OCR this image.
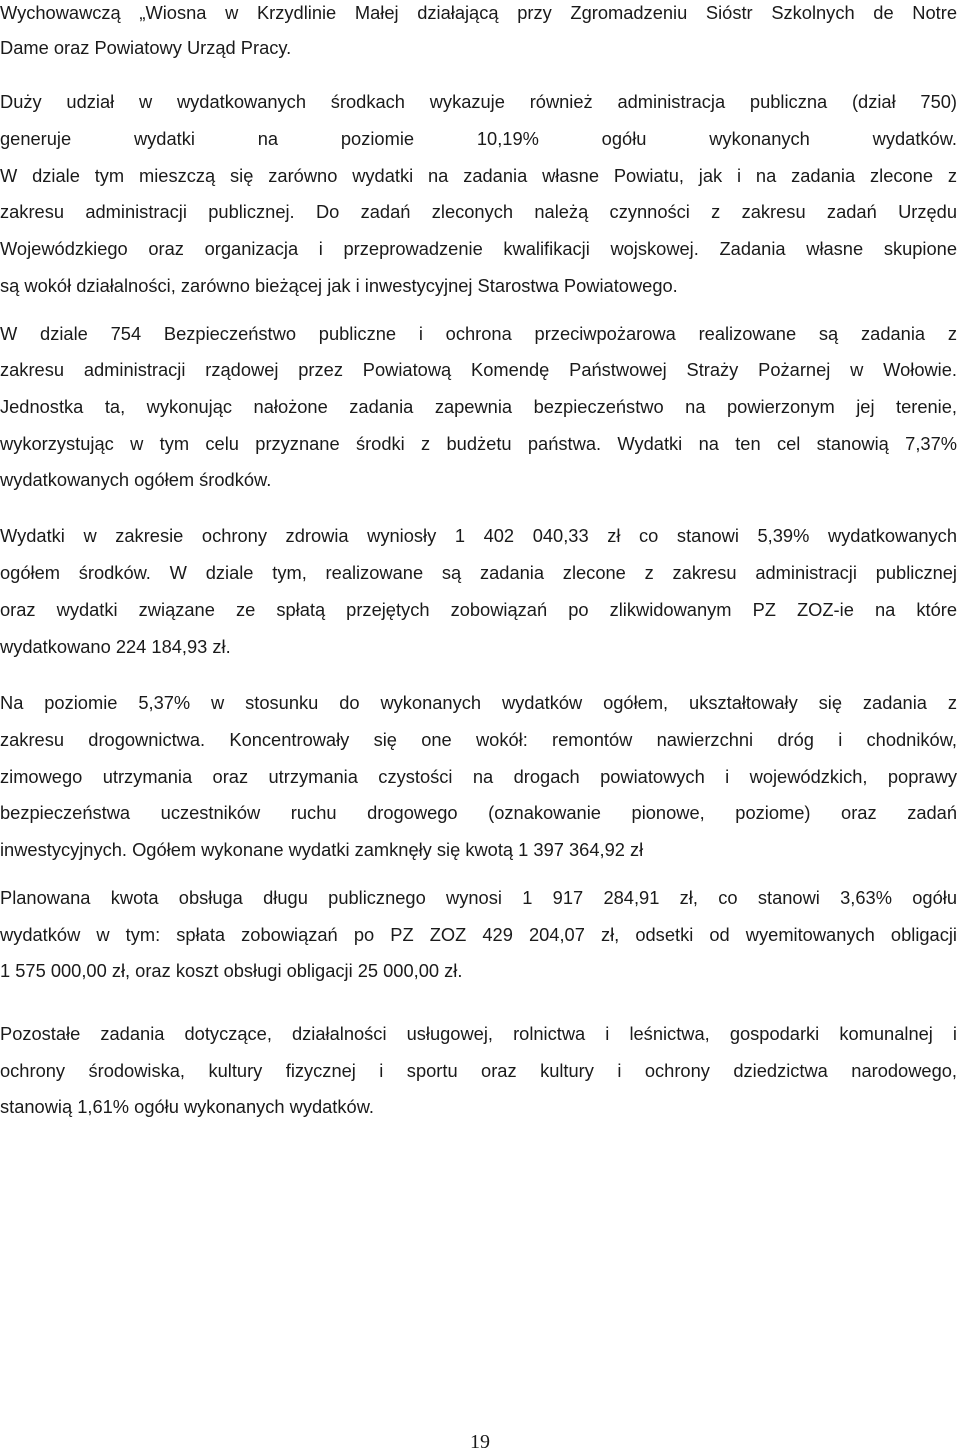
Wychowawczą „Wiosna w Krzydlinie Małej działającą przy Zgromadzeniu Sióstr Szkolnych de Notre
Dame oraz Powiatowy Urząd Pracy.
Duży udział w wydatkowanych środkach wykazuje również administracja publiczna (dział 750)
generuje wydatki na poziomie 10,19% ogółu wykonanych wydatków.
W dziale tym mieszczą się zarówno wydatki na zadania własne Powiatu, jak i na zadania zlecone z
zakresu administracji publicznej. Do zadań zleconych należą czynności z zakresu zadań Urzędu
Wojewódzkiego oraz organizacja i przeprowadzenie kwalifikacji wojskowej. Zadania własne skupione
są wokół działalności, zarówno bieżącej jak i inwestycyjnej Starostwa Powiatowego.
W dziale 754 Bezpieczeństwo publiczne i ochrona przeciwpożarowa realizowane są zadania z
zakresu administracji rządowej przez Powiatową Komendę Państwowej Straży Pożarnej w Wołowie.
Jednostka ta, wykonując nałożone zadania zapewnia bezpieczeństwo na powierzonym jej terenie,
wykorzystując w tym celu przyznane środki z budżetu państwa. Wydatki na ten cel stanowią 7,37%
wydatkowanych ogółem środków.
Wydatki w zakresie ochrony zdrowia wyniosły 1 402 040,33 zł co stanowi 5,39% wydatkowanych
ogółem środków. W dziale tym, realizowane są zadania zlecone z zakresu administracji publicznej
oraz wydatki związane ze spłatą przejętych zobowiązań po zlikwidowanym PZ ZOZ-ie na które
wydatkowano 224 184,93 zł.
Na poziomie 5,37% w stosunku do wykonanych wydatków ogółem, ukształtowały się zadania z
zakresu drogownictwa. Koncentrowały się one wokół: remontów nawierzchni dróg i chodników,
zimowego utrzymania oraz utrzymania czystości na drogach powiatowych i wojewódzkich, poprawy
bezpieczeństwa uczestników ruchu drogowego (oznakowanie pionowe, poziome) oraz zadań
inwestycyjnych. Ogółem wykonane wydatki zamknęły się kwotą 1 397 364,92 zł
Planowana kwota obsługa długu publicznego wynosi 1 917 284,91 zł, co stanowi 3,63% ogółu
wydatków w tym: spłata zobowiązań po PZ ZOZ 429 204,07 zł, odsetki od wyemitowanych obligacji
1 575 000,00 zł, oraz koszt obsługi obligacji 25 000,00 zł.
Pozostałe zadania dotyczące, działalności usługowej, rolnictwa i leśnictwa, gospodarki komunalnej i
ochrony środowiska, kultury fizycznej i sportu oraz kultury i ochrony dziedzictwa narodowego,
stanowią 1,61% ogółu wykonanych wydatków.
19
